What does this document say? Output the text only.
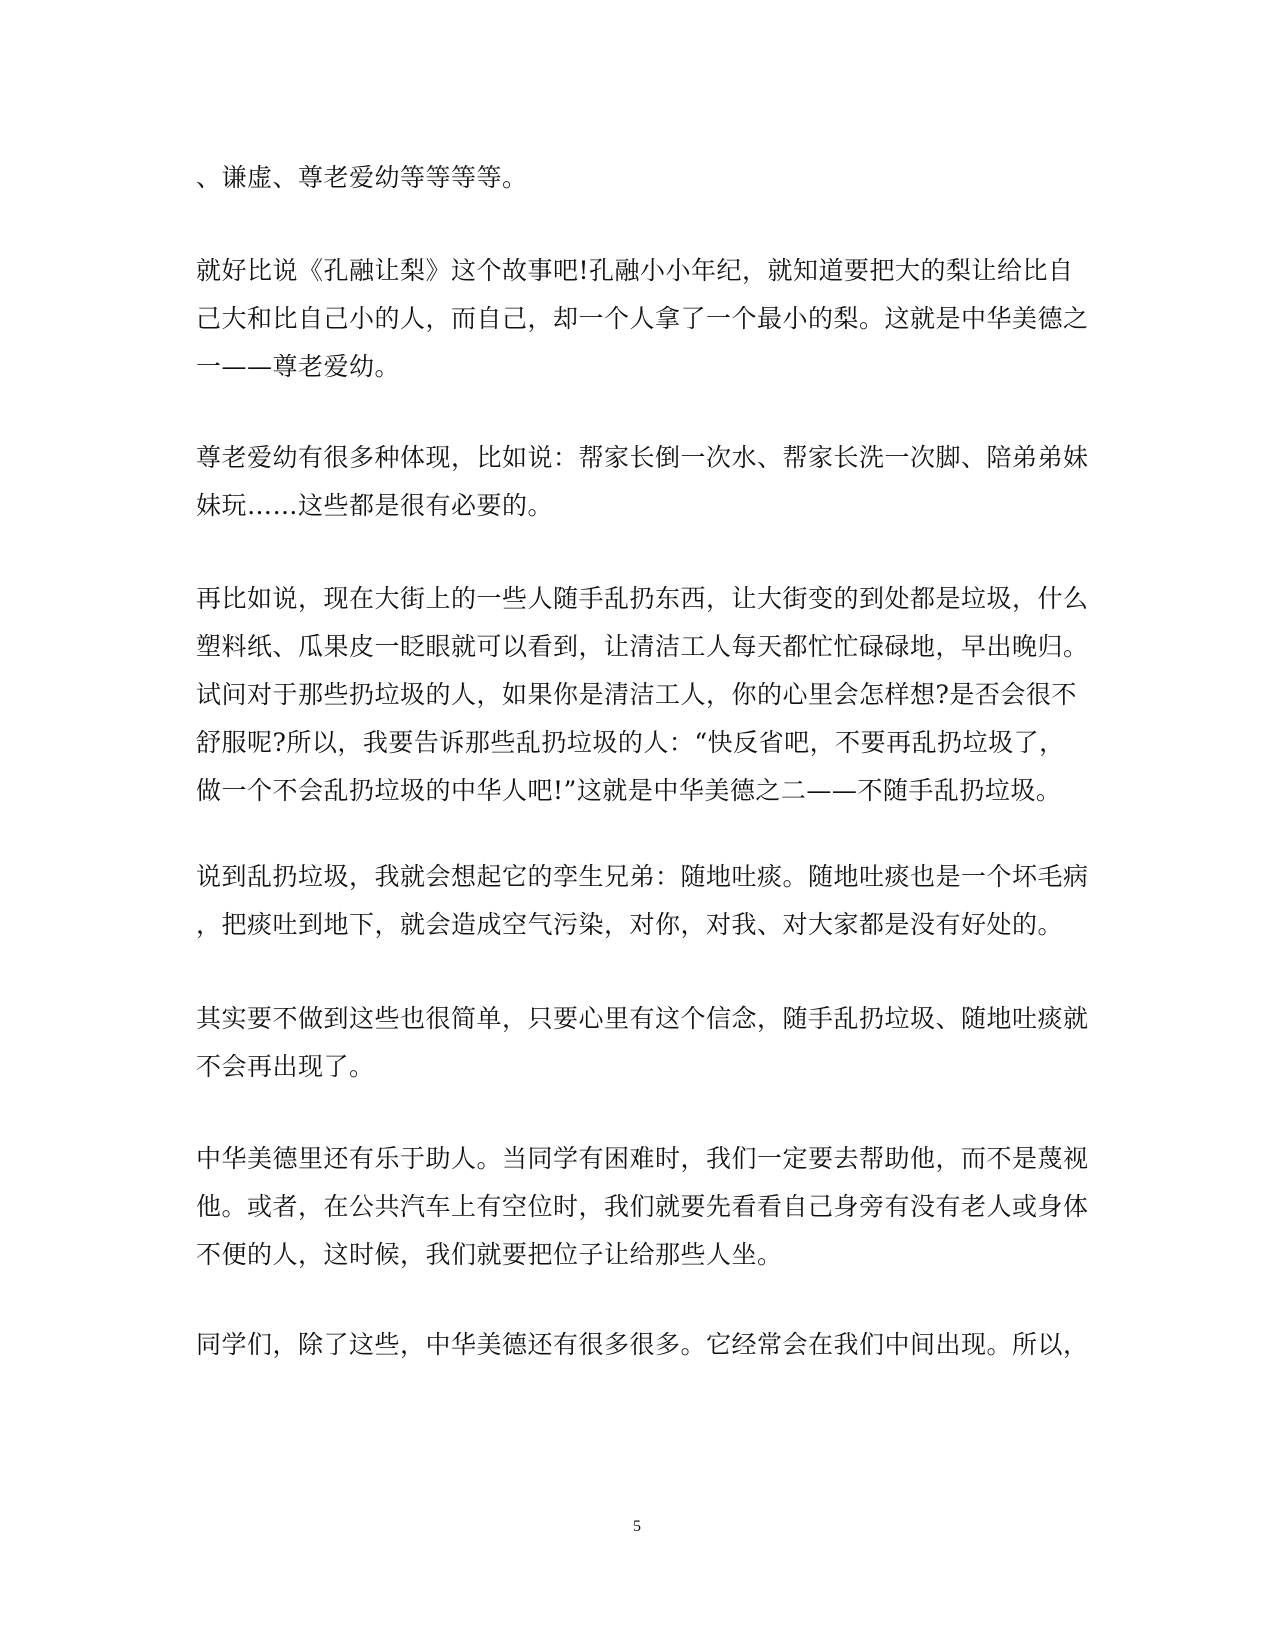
、谦虚、尊老爱幼等等等等。
就好比说《孔融让梨》这个故事吧!孔融小小年纪，就知道要把大的梨让给比自
己大和比自己小的人，而自己，却一个人拿了一个最小的梨。这就是中华美德之
一——尊老爱幼。
尊老爱幼有很多种体现，比如说：帮家长倒一次水、帮家长洗一次脚、陪弟弟妹
妹玩……这些都是很有必要的。
再比如说，现在大街上的一些人随手乱扔东西，让大街变的到处都是垃圾，什么
塑料纸、瓜果皮一眨眼就可以看到，让清洁工人每天都忙忙碌碌地，早出晚归。
试问对于那些扔垃圾的人，如果你是清洁工人，你的心里会怎样想?是否会很不
舒服呢?所以，我要告诉那些乱扔垃圾的人：“快反省吧，不要再乱扔垃圾了，
做一个不会乱扔垃圾的中华人吧!”这就是中华美德之二——不随手乱扔垃圾。
说到乱扔垃圾，我就会想起它的孪生兄弟：随地吐痰。随地吐痰也是一个坏毛病
，把痰吐到地下，就会造成空气污染，对你，对我、对大家都是没有好处的。
其实要不做到这些也很简单，只要心里有这个信念，随手乱扔垃圾、随地吐痰就
不会再出现了。
中华美德里还有乐于助人。当同学有困难时，我们一定要去帮助他，而不是蔑视
他。或者，在公共汽车上有空位时，我们就要先看看自己身旁有没有老人或身体
不便的人，这时候，我们就要把位子让给那些人坐。
同学们，除了这些，中华美德还有很多很多。它经常会在我们中间出现。所以，
5
